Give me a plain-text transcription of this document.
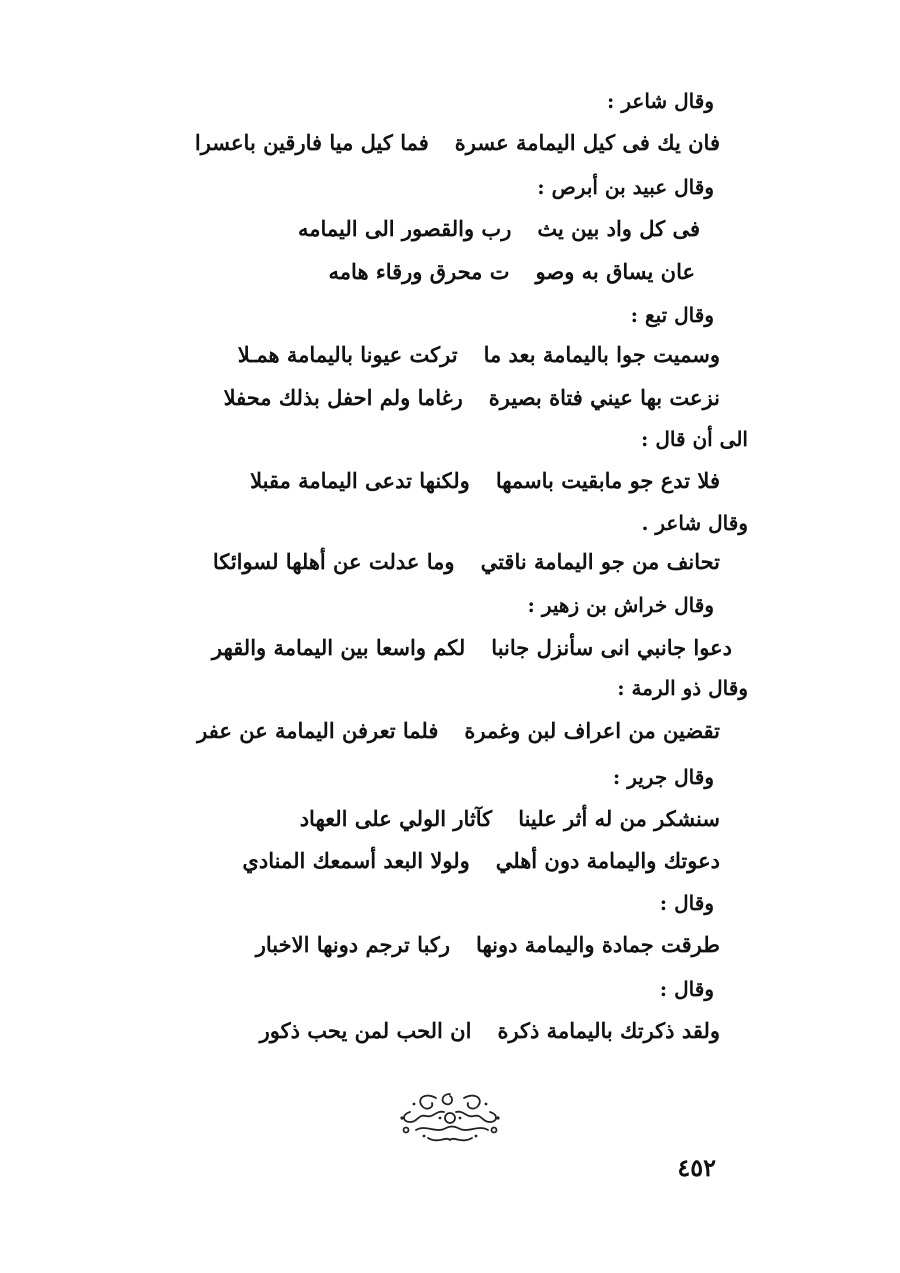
وقال شاعر :
فان يك فى كيل اليمامة عسرة
فما كيل ميا فارقين باعسرا
وقال عبيد بن أبرص :
فى كل واد بين يث
رب والقصور الى اليمامه
عان يساق به وصو
ت محرق ورقاء هامه
وقال تبع :
وسميت جوا باليمامة بعد ما
تركت عيونا باليمامة همـلا
نزعت بها عيني فتاة بصيرة
رغاما ولم احفل بذلك محفلا
الى أن قال :
فلا تدع جو مابقيت باسمها
ولكنها تدعى اليمامة مقبلا
وقال شاعر .
تحانف من جو اليمامة ناقتي
وما عدلت عن أهلها لسوائكا
وقال خراش بن زهير :
دعوا جانبي انى سأنزل جانبا
لكم واسعا بين اليمامة والقهر
وقال ذو الرمة :
تقضين من اعراف لبن وغمرة
فلما تعرفن اليمامة عن عفر
وقال جرير :
سنشكر من له أثر علينا
كآثار الولي على العهاد
دعوتك واليمامة دون أهلي
ولولا البعد أسمعك المنادي
وقال :
طرقت جمادة واليمامة دونها
ركبا ترجم دونها الاخبار
وقال :
ولقد ذكرتك باليمامة ذكرة
ان الحب لمن يحب ذكور
٤٥٢
